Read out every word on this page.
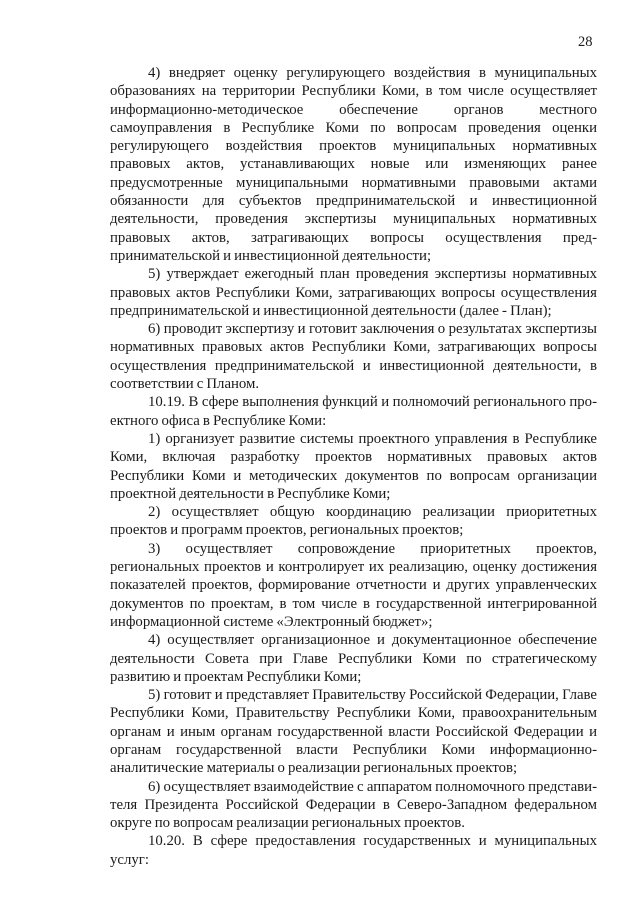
28

4) внедряет оценку регулирующего воздействия в муниципальных образованиях на территории Республики Коми, в том числе осуществляет информационно-методическое обеспечение органов местного самоуправления в Республике Коми по вопросам проведения оценки регулирующего воздействия проектов муниципальных нормативных правовых актов, устанавливающих новые или изменяющих ранее предусмотренные муниципальными нормативными правовыми актами обязанности для субъектов предпринимательской и инвестиционной деятельности, проведения экспертизы муниципальных нормативных правовых актов, затрагивающих вопросы осуществления предпринимательской и инвестиционной деятельности;

5) утверждает ежегодный план проведения экспертизы нормативных правовых актов Республики Коми, затрагивающих вопросы осуществления предпринимательской и инвестиционной деятельности (далее - План);

6) проводит экспертизу и готовит заключения о результатах экспертизы нормативных правовых актов Республики Коми, затрагивающих вопросы осуществления предпринимательской и инвестиционной деятельности, в соответствии с Планом.

10.19. В сфере выполнения функций и полномочий регионального проектного офиса в Республике Коми:

1) организует развитие системы проектного управления в Республике Коми, включая разработку проектов нормативных правовых актов Республики Коми и методических документов по вопросам организации проектной деятельности в Республике Коми;

2) осуществляет общую координацию реализации приоритетных проектов и программ проектов, региональных проектов;

3) осуществляет сопровождение приоритетных проектов, региональных проектов и контролирует их реализацию, оценку достижения показателей проектов, формирование отчетности и других управленческих документов по проектам, в том числе в государственной интегрированной информационной системе «Электронный бюджет»;

4) осуществляет организационное и документационное обеспечение деятельности Совета при Главе Республики Коми по стратегическому развитию и проектам Республики Коми;

5) готовит и представляет Правительству Российской Федерации, Главе Республики Коми, Правительству Республики Коми, правоохранительным органам и иным органам государственной власти Российской Федерации и органам государственной власти Республики Коми информационно-аналитические материалы о реализации региональных проектов;

6) осуществляет взаимодействие с аппаратом полномочного представителя Президента Российской Федерации в Северо-Западном федеральном округе по вопросам реализации региональных проектов.

10.20. В сфере предоставления государственных и муниципальных услуг:
